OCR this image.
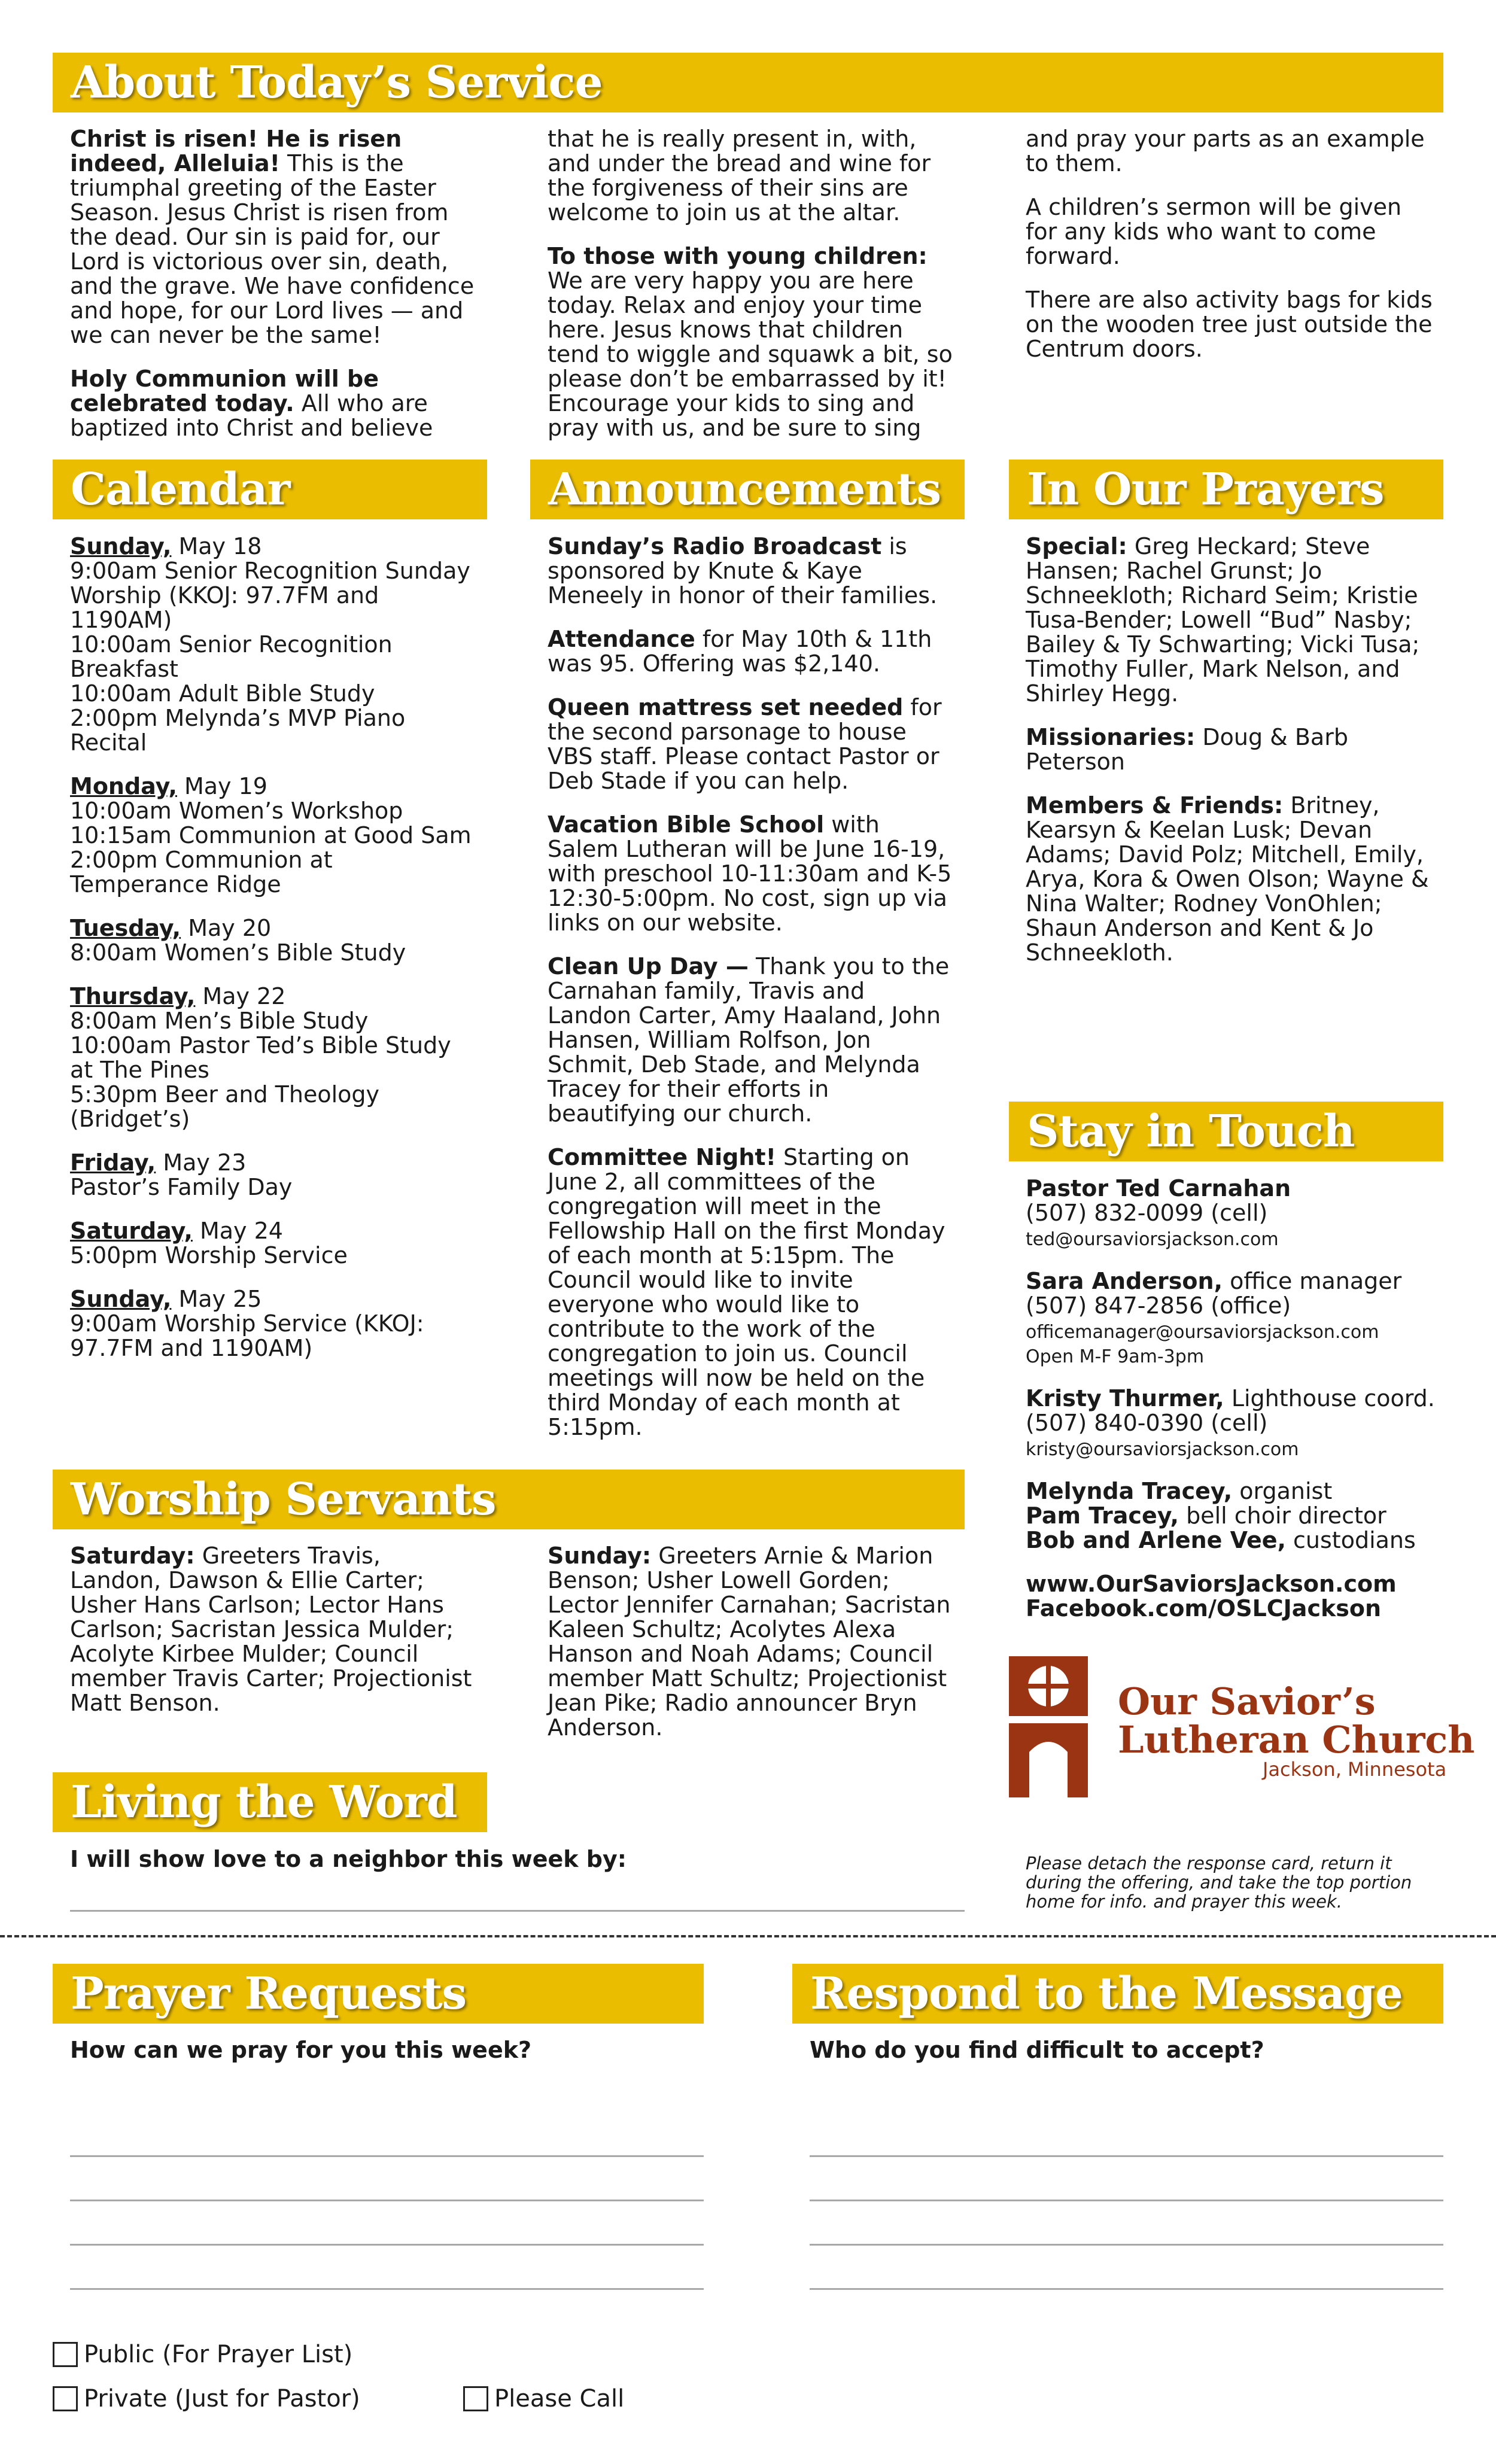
About Today’s Service

Christ is risen! He is risen indeed, Alleluia! This is the triumphal greeting of the Easter Season. Jesus Christ is risen from the dead. Our sin is paid for, our Lord is victorious over sin, death, and the grave. We have confidence and hope, for our Lord lives — and we can never be the same!

Holy Communion will be celebrated today. All who are baptized into Christ and believe

that he is really present in, with, and under the bread and wine for the forgiveness of their sins are welcome to join us at the altar.

To those with young children: We are very happy you are here today. Relax and enjoy your time here. Jesus knows that children tend to wiggle and squawk a bit, so please don’t be embarrassed by it! Encourage your kids to sing and pray with us, and be sure to sing

and pray your parts as an example to them.

A children’s sermon will be given for any kids who want to come forward.

There are also activity bags for kids on the wooden tree just outside the Centrum doors.

Calendar
Sunday, May 18
9:00am Senior Recognition Sunday Worship (KKOJ: 97.7FM and 1190AM)
10:00am Senior Recognition Breakfast
10:00am Adult Bible Study
2:00pm Melynda’s MVP Piano Recital
Monday, May 19
10:00am Women’s Workshop
10:15am Communion at Good Sam
2:00pm Communion at Temperance Ridge
Tuesday, May 20
8:00am Women’s Bible Study
Thursday, May 22
8:00am Men’s Bible Study
10:00am Pastor Ted’s Bible Study at The Pines
5:30pm Beer and Theology (Bridget’s)
Friday, May 23
Pastor’s Family Day
Saturday, May 24
5:00pm Worship Service
Sunday, May 25
9:00am Worship Service (KKOJ: 97.7FM and 1190AM)
Announcements

Sunday’s Radio Broadcast is sponsored by Knute & Kaye Meneely in honor of their families.

Attendance for May 10th & 11th was 95. Offering was $2,140.

Queen mattress set needed for the second parsonage to house VBS staff. Please contact Pastor or Deb Stade if you can help.

Vacation Bible School with Salem Lutheran will be June 16-19, with preschool 10-11:30am and K-5 12:30-5:00pm. No cost, sign up via links on our website.

Clean Up Day — Thank you to the Carnahan family, Travis and Landon Carter, Amy Haaland, John Hansen, William Rolfson, Jon Schmit, Deb Stade, and Melynda Tracey for their efforts in beautifying our church.

Committee Night! Starting on June 2, all committees of the congregation will meet in the Fellowship Hall on the first Monday of each month at 5:15pm. The Council would like to invite everyone who would like to contribute to the work of the congregation to join us. Council meetings will now be held on the third Monday of each month at 5:15pm.

In Our Prayers

Special: Greg Heckard; Steve Hansen; Rachel Grunst; Jo Schneekloth; Richard Seim; Kristie Tusa-Bender; Lowell “Bud” Nasby; Bailey & Ty Schwarting; Vicki Tusa; Timothy Fuller, Mark Nelson, and Shirley Hegg.

Missionaries: Doug & Barb Peterson

Members & Friends: Britney, Kearsyn & Keelan Lusk; Devan Adams; David Polz; Mitchell, Emily, Arya, Kora & Owen Olson; Wayne & Nina Walter; Rodney VonOhlen; Shaun Anderson and Kent & Jo Schneekloth.

Stay in Touch

Pastor Ted Carnahan
(507) 832-0099 (cell)
ted@oursaviorsjackson.com

Sara Anderson, office manager
(507) 847-2856 (office)
officemanager@oursaviorsjackson.com
Open M-F 9am-3pm

Kristy Thurmer, Lighthouse coord.
(507) 840-0390 (cell)
kristy@oursaviorsjackson.com

Melynda Tracey, organist
Pam Tracey, bell choir director
Bob and Arlene Vee, custodians

www.OurSaviorsJackson.com
Facebook.com/OSLCJackson

Our Savior’s
Lutheran Church
Jackson, Minnesota
Worship Servants

Saturday: Greeters Travis, Landon, Dawson & Ellie Carter; Usher Hans Carlson; Lector Hans Carlson; Sacristan Jessica Mulder; Acolyte Kirbee Mulder; Council member Travis Carter; Projectionist Matt Benson.

Sunday: Greeters Arnie & Marion Benson; Usher Lowell Gorden; Lector Jennifer Carnahan; Sacristan Kaleen Schultz; Acolytes Alexa Hanson and Noah Adams; Council member Matt Schultz; Projectionist Jean Pike; Radio announcer Bryn Anderson.

Living the Word
I will show love to a neighbor this week by:	Please detach the response card, return it during the offering, and take the top portion home for info. and prayer this week.
Prayer Requests
How can we pray for you this week?
Public (For Prayer List)
Private (Just for Pastor)	Please Call
Respond to the Message
Who do you find difficult to accept?
